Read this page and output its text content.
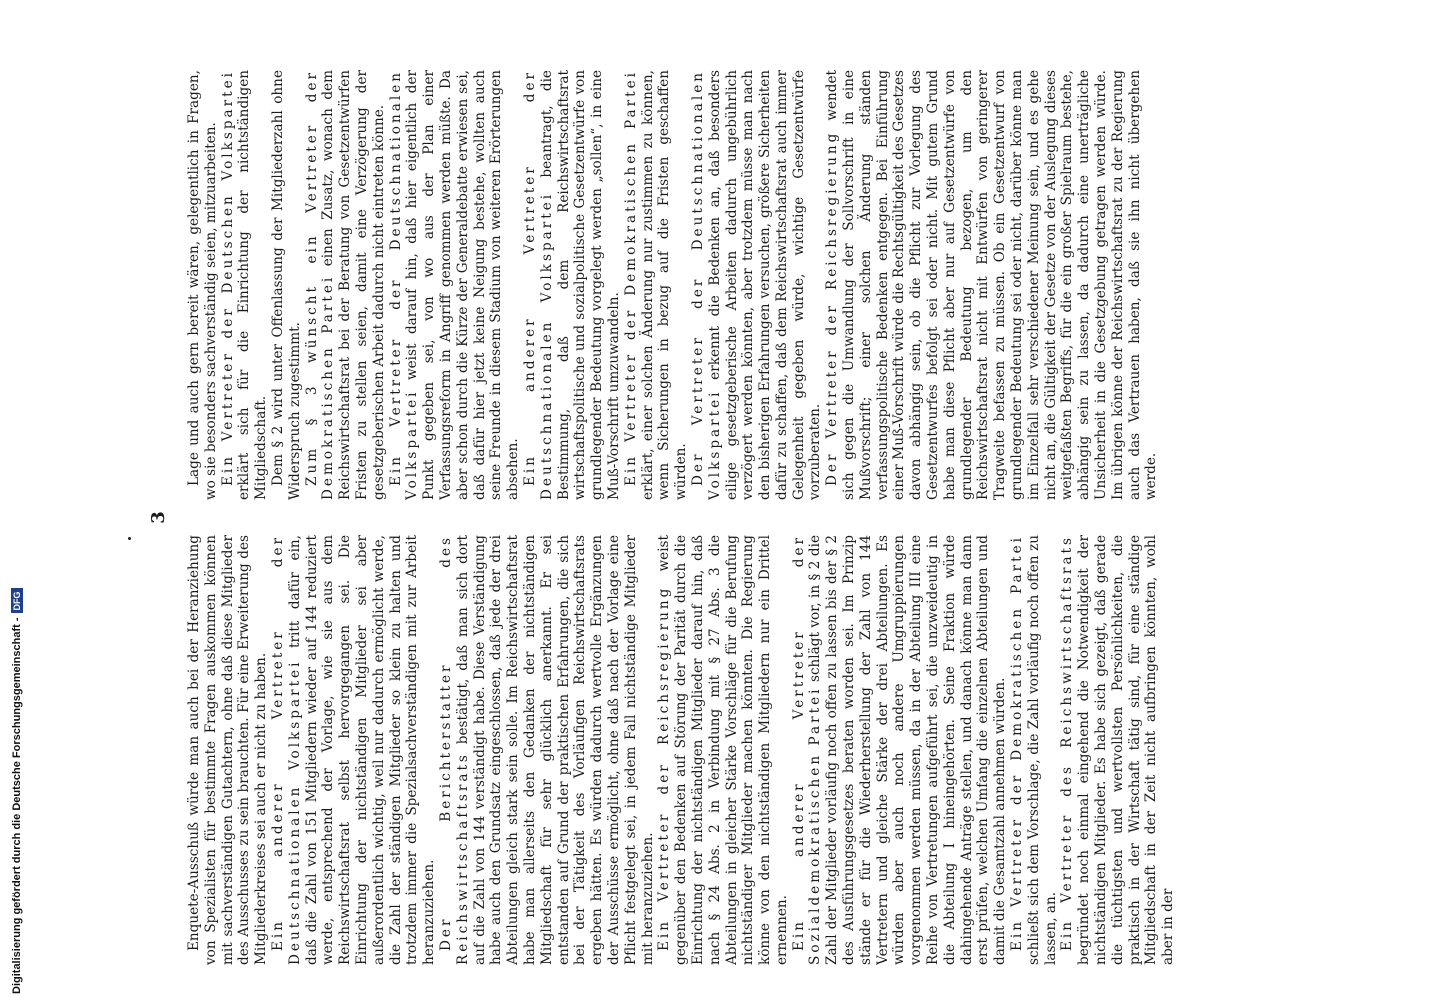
3

Enquete-Ausschuß würde man auch bei der Heranziehung von Spezialisten für bestimmte Fragen auskommen können mit sachverständigen Gutachtern, ohne daß diese Mitglieder des Ausschusses zu sein brauchten. Für eine Erweiterung des Mitgliederkreises sei auch er nicht zu haben. Ein anderer Vertreter der Deutschnationalen Volkspartei tritt dafür ein, daß die Zahl von 151 Mitgliedern wieder auf 144 reduziert werde, entsprechend der Vorlage, wie sie aus dem Reichswirtschaftsrat selbst hervorgegangen sei. Die Einrichtung der nichtständigen Mitglieder sei aber außerordentlich wichtig, weil nur dadurch ermöglicht werde, die Zahl der ständigen Mitglieder so klein zu halten und trotzdem immer die Spezialsachverständigen mit zur Arbeit heranzuziehen. Der Berichterstatter des Reichswirtschaftsrats bestätigt, daß man sich dort auf die Zahl von 144 verständigt habe. Diese Verständigung habe auch den Grundsatz eingeschlossen, daß jede der drei Abteilungen gleich stark sein solle. Im Reichswirtschaftsrat habe man allerseits den Gedanken der nichtständigen Mitgliedschaft für sehr glücklich anerkannt. Er sei entstanden auf Grund der praktischen Erfahrungen, die sich bei der Tätigkeit des Vorläufigen Reichswirtschaftsrats ergeben hätten. Es würden dadurch wertvolle Ergänzungen der Ausschüsse ermöglicht, ohne daß nach der Vorlage eine Pflicht festgelegt sei, in jedem Fall nichtständige Mitglieder mit heranzuziehen. Ein Vertreter der Reichsregierung weist gegenüber den Bedenken auf Störung der Parität durch die Einrichtung der nichtständigen Mitglieder darauf hin, daß nach § 24 Abs. 2 in Verbindung mit § 27 Abs. 3 die Abteilungen in gleicher Stärke Vorschläge für die Berufung nichtständiger Mitglieder machen könnten. Die Regierung könne von den nichtständigen Mitgliedern nur ein Drittel ernennen. Ein anderer Vertreter der Sozialdemokratischen Partei schlägt vor, in § 2 die Zahl der Mitglieder vorläufig noch offen zu lassen bis der § 2 des Ausführungsgesetzes beraten worden sei. Im Prinzip stände er für die Wiederherstellung der Zahl von 144 Vertretern und gleiche Stärke der drei Abteilungen. Es würden aber auch noch andere Umgruppierungen vorgenommen werden müssen, da in der Abteilung III eine Reihe von Vertretungen aufgeführt sei, die unzweideutig in die Abteilung I hineingehörten. Seine Fraktion würde dahingehende Anträge stellen, und danach könne man dann erst prüfen, welchen Umfang die einzelnen Abteilungen und damit die Gesamtzahl annehmen würden. Ein Vertreter der Demokratischen Partei schließt sich dem Vorschlage, die Zahl vorläufig noch offen zu lassen, an. Ein Vertreter des Reichswirtschaftsrats begründet noch einmal eingehend die Notwendigkeit der nichtständigen Mitglieder. Es habe sich gezeigt, daß gerade die tüchtigsten und wertvollsten Persönlichkeiten, die praktisch in der Wirtschaft tätig sind, für eine ständige Mitgliedschaft in der Zeit nicht aufbringen könnten, wohl aber in der

Lage und auch gern bereit wären, gelegentlich in Fragen, wo sie besonders sachverständig seien, mitzuarbeiten. Ein Vertreter der Deutschen Volkspartei erklärt sich für die Einrichtung der nichtständigen Mitgliedschaft. Dem § 2 wird unter Offenlassung der Mitgliederzahl ohne Widerspruch zugestimmt. Zum § 3 wünscht ein Vertreter der Demokratischen Partei einen Zusatz, wonach dem Reichswirtschaftsrat bei der Beratung von Gesetzentwürfen Fristen zu stellen seien, damit eine Verzögerung der gesetzgeberischen Arbeit dadurch nicht eintreten könne. Ein Vertreter der Deutschnationalen Volkspartei weist darauf hin, daß hier eigentlich der Punkt gegeben sei, von wo aus der Plan einer Verfassungsreform in Angriff genommen werden müßte. Da aber schon durch die Kürze der Generaldebatte erwiesen sei, daß dafür hier jetzt keine Neigung bestehe, wollten auch seine Freunde in diesem Stadium von weiteren Erörterungen absehen. Ein anderer Vertreter der Deutschnationalen Volkspartei beantragt, die Bestimmung, daß dem Reichswirtschaftsrat wirtschaftspolitische und sozialpolitische Gesetzentwürfe von grundlegender Bedeutung vorgelegt werden „sollen“, in eine Muß-Vorschrift umzuwandeln. Ein Vertreter der Demokratischen Partei erklärt, einer solchen Änderung nur zustimmen zu können, wenn Sicherungen in bezug auf die Fristen geschaffen würden. Der Vertreter der Deutschnationalen Volkspartei erkennt die Bedenken an, daß besonders eilige gesetzgeberische Arbeiten dadurch ungebührlich verzögert werden könnten, aber trotzdem müsse man nach den bisherigen Erfahrungen versuchen, größere Sicherheiten dafür zu schaffen, daß dem Reichswirtschaftsrat auch immer Gelegenheit gegeben würde, wichtige Gesetzentwürfe vorzuberaten. Der Vertreter der Reichsregierung wendet sich gegen die Umwandlung der Sollvorschrift in eine Mußvorschrift; einer solchen Änderung ständen verfassungspolitische Bedenken entgegen. Bei Einführung einer Muß-Vorschrift würde die Rechtsgültigkeit des Gesetzes davon abhängig sein, ob die Pflicht zur Vorlegung des Gesetzentwurfes befolgt sei oder nicht. Mit gutem Grund habe man diese Pflicht aber nur auf Gesetzentwürfe von grundlegender Bedeutung bezogen, um den Reichswirtschaftsrat nicht mit Entwürfen von geringerer Tragweite befassen zu müssen. Ob ein Gesetzentwurf von grundlegender Bedeutung sei oder nicht, darüber könne man im Einzelfall sehr verschiedener Meinung sein, und es gehe nicht an, die Gültigkeit der Gesetze von der Auslegung dieses weitgefaßten Begriffs, für die ein großer Spielraum bestehe, abhängig sein zu lassen, da dadurch eine unerträgliche Unsicherheit in die Gesetzgebung getragen werden würde. Im übrigen könne der Reichswirtschaftsrat zu der Regierung auch das Vertrauen haben, daß sie ihn nicht übergehen werde.

Digitalisierung gefördert durch die Deutsche Forschungsgemeinschaft -
DFG
